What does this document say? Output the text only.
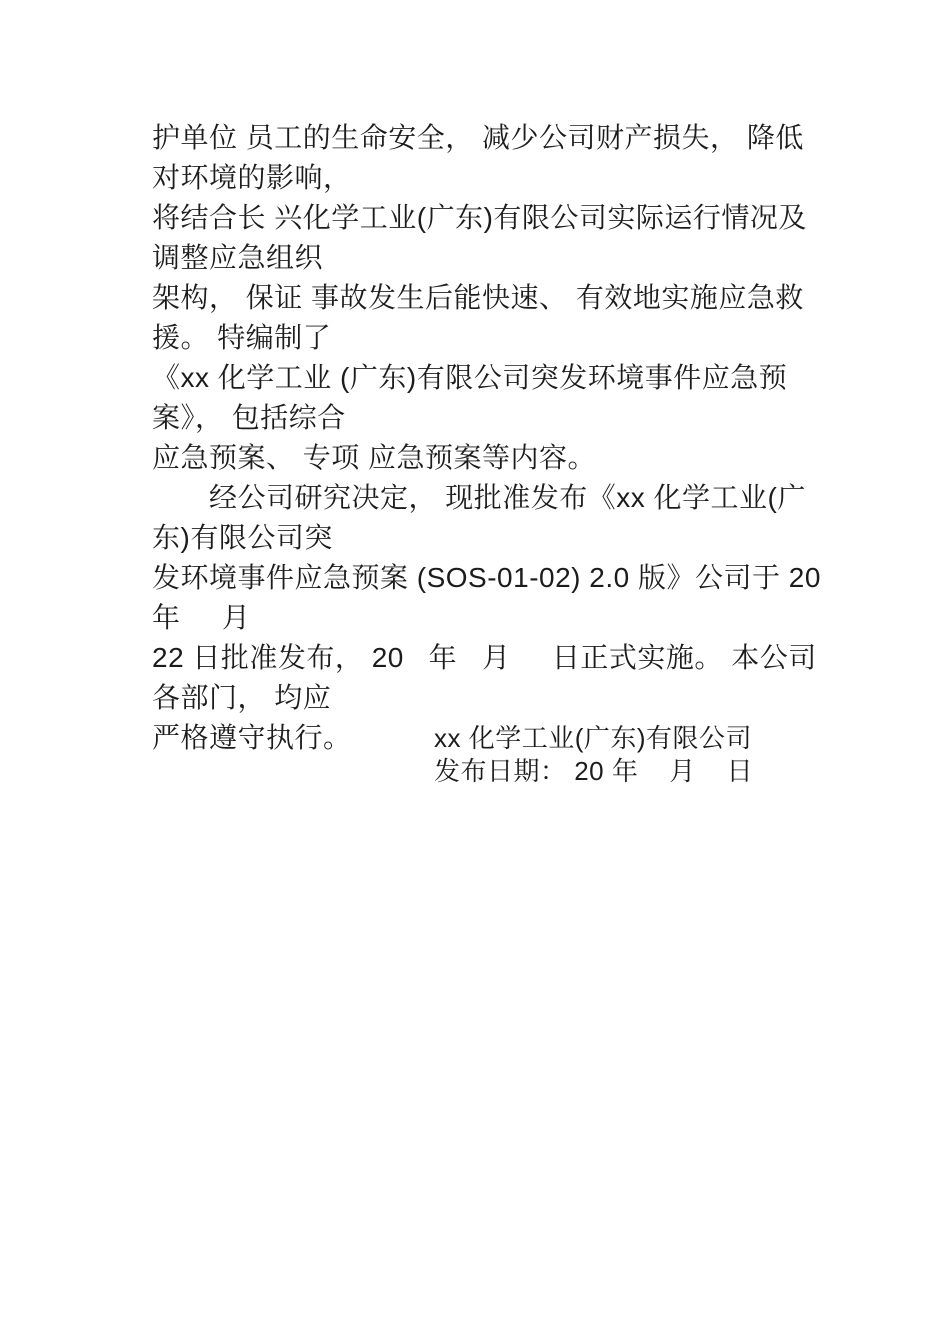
护单位 员工的生命安全， 减少公司财产损失， 降低对环境的影响，
将结合长 兴化学工业(广东)有限公司实际运行情况及调整应急组织
架构， 保证 事故发生后能快速、 有效地实施应急救援。 特编制了
《xx 化学工业 (广东)有限公司突发环境事件应急预案》， 包括综合
应急预案、 专项 应急预案等内容。
　　经公司研究决定， 现批准发布《xx 化学工业(广东)有限公司突
发环境事件应急预案 (SOS-01-02) 2.0 版》公司于 20   年     月
22 日批准发布， 20   年   月     日正式实施。 本公司各部门， 均应
严格遵守执行。	xx 化学工业(广东)有限公司
发布日期： 20 年    月    日
